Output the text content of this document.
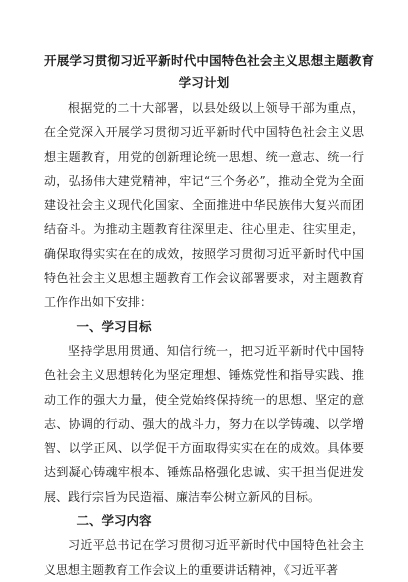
开展学习贯彻习近平新时代中国特色社会主义思想主题教育
学习计划

根据党的二十大部署，以县处级以上领导干部为重点，在全党深入开展学习贯彻习近平新时代中国特色社会主义思想主题教育，用党的创新理论统一思想、统一意志、统一行动，弘扬伟大建党精神，牢记“三个务必”，推动全党为全面建设社会主义现代化国家、全面推进中华民族伟大复兴而团结奋斗。为推动主题教育往深里走、往心里走、往实里走，确保取得实实在在的成效，按照学习贯彻习近平新时代中国特色社会主义思想主题教育工作会议部署要求，对主题教育工作作出如下安排：

一、学习目标

坚持学思用贯通、知信行统一，把习近平新时代中国特色社会主义思想转化为坚定理想、锤炼党性和指导实践、推动工作的强大力量，使全党始终保持统一的思想、坚定的意志、协调的行动、强大的战斗力，努力在以学铸魂、以学增智、以学正风、以学促干方面取得实实在在的成效。具体要达到凝心铸魂牢根本、锤炼品格强化忠诚、实干担当促进发展、践行宗旨为民造福、廉洁奉公树立新风的目标。

二、学习内容

习近平总书记在学习贯彻习近平新时代中国特色社会主义思想主题教育工作会议上的重要讲话精神，《习近平著
